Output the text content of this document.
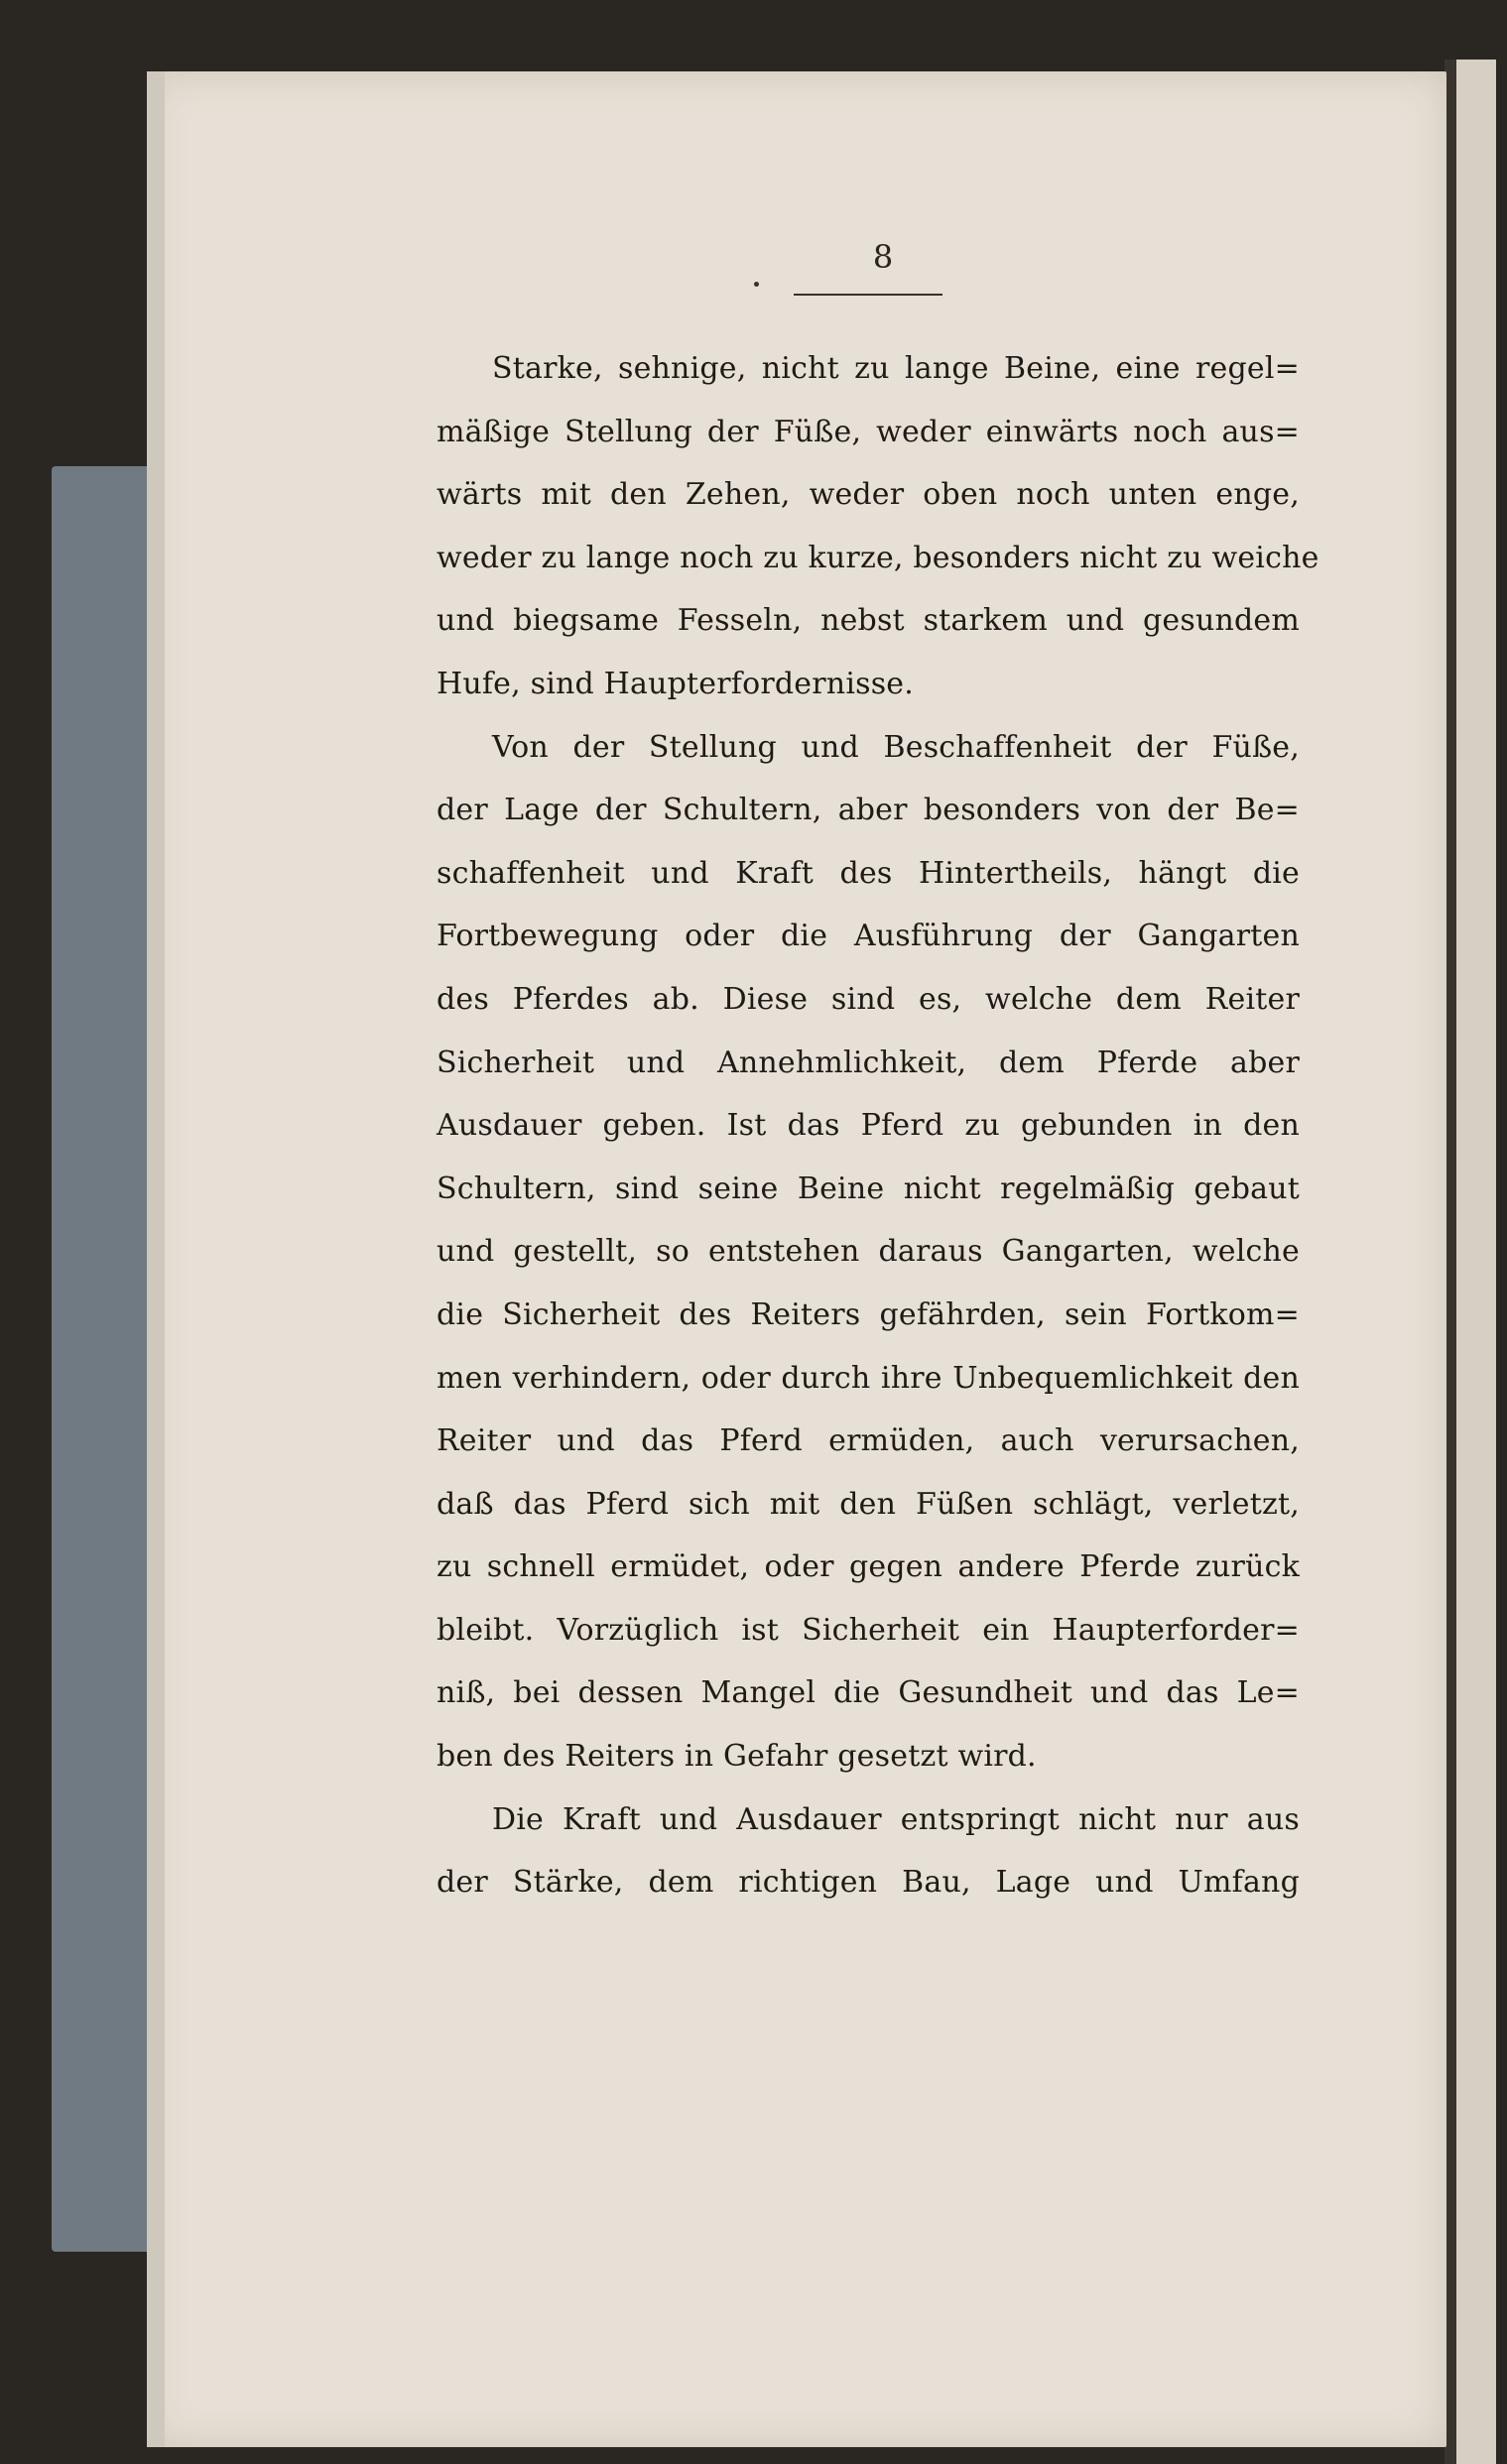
8
Starke, sehnige, nicht zu lange Beine, eine regel=
mäßige Stellung der Füße, weder einwärts noch aus=
wärts mit den Zehen, weder oben noch unten enge,
weder zu lange noch zu kurze, besonders nicht zu weiche
und biegsame Fesseln, nebst starkem und gesundem
Hufe, sind Haupterfordernisse.
Von der Stellung und Beschaffenheit der Füße,
der Lage der Schultern, aber besonders von der Be=
schaffenheit und Kraft des Hintertheils, hängt die
Fortbewegung oder die Ausführung der Gangarten
des Pferdes ab. Diese sind es, welche dem Reiter
Sicherheit und Annehmlichkeit, dem Pferde aber
Ausdauer geben. Ist das Pferd zu gebunden in den
Schultern, sind seine Beine nicht regelmäßig gebaut
und gestellt, so entstehen daraus Gangarten, welche
die Sicherheit des Reiters gefährden, sein Fortkom=
men verhindern, oder durch ihre Unbequemlichkeit den
Reiter und das Pferd ermüden, auch verursachen,
daß das Pferd sich mit den Füßen schlägt, verletzt,
zu schnell ermüdet, oder gegen andere Pferde zurück
bleibt. Vorzüglich ist Sicherheit ein Haupterforder=
niß, bei dessen Mangel die Gesundheit und das Le=
ben des Reiters in Gefahr gesetzt wird.
Die Kraft und Ausdauer entspringt nicht nur aus
der Stärke, dem richtigen Bau, Lage und Umfang
